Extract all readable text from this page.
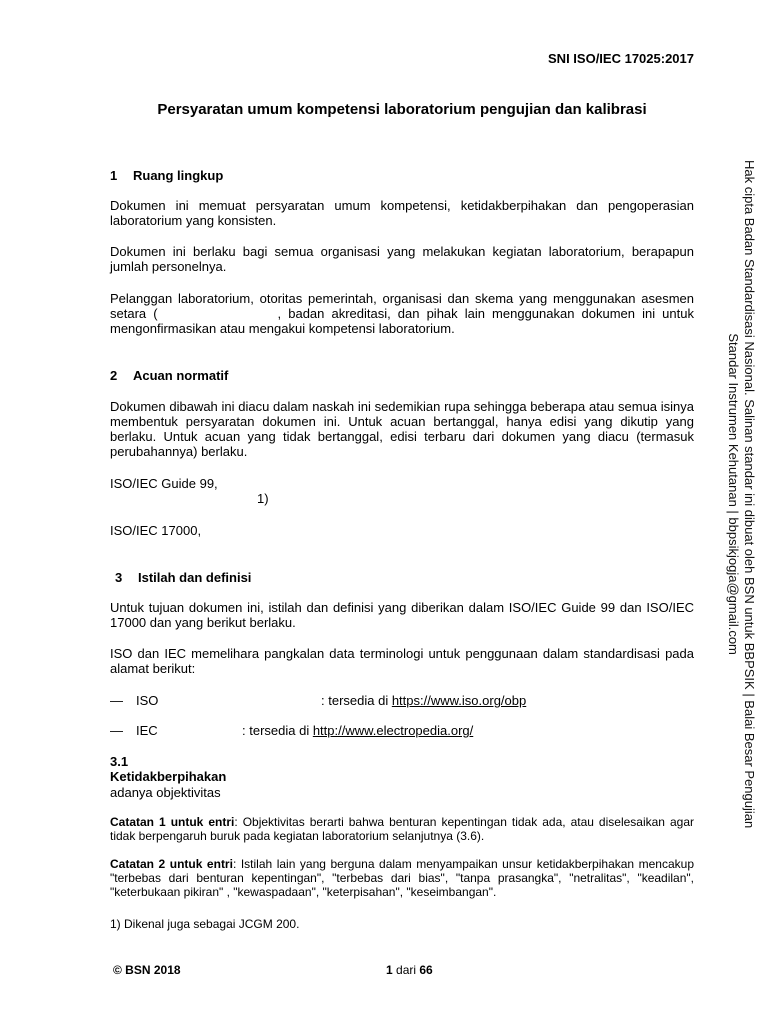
SNI ISO/IEC 17025:2017
Persyaratan umum kompetensi laboratorium pengujian dan kalibrasi
1 Ruang lingkup
Dokumen ini memuat persyaratan umum kompetensi, ketidakberpihakan dan pengoperasian laboratorium yang konsisten.
Dokumen ini berlaku bagi semua organisasi yang melakukan kegiatan laboratorium, berapapun jumlah personelnya.
Pelanggan laboratorium, otoritas pemerintah, organisasi dan skema yang menggunakan asesmen setara (	, badan akreditasi, dan pihak lain menggunakan dokumen ini untuk mengonfirmasikan atau mengakui kompetensi laboratorium.
2 Acuan normatif
Dokumen dibawah ini diacu dalam naskah ini sedemikian rupa sehingga beberapa atau semua isinya membentuk persyaratan dokumen ini. Untuk acuan bertanggal, hanya edisi yang dikutip yang berlaku. Untuk acuan yang tidak bertanggal, edisi terbaru dari dokumen yang diacu (termasuk perubahannya) berlaku.
ISO/IEC Guide 99,
1)
ISO/IEC 17000,
3 Istilah dan definisi
Untuk tujuan dokumen ini, istilah dan definisi yang diberikan dalam ISO/IEC Guide 99 dan ISO/IEC 17000 dan yang berikut berlaku.
ISO dan IEC memelihara pangkalan data terminologi untuk penggunaan dalam standardisasi pada alamat berikut:
— ISO	: tersedia di https://www.iso.org/obp
— IEC	: tersedia di http://www.electropedia.org/
3.1
Ketidakberpihakan
adanya objektivitas
Catatan 1 untuk entri: Objektivitas berarti bahwa benturan kepentingan tidak ada, atau diselesaikan agar tidak berpengaruh buruk pada kegiatan laboratorium selanjutnya (3.6).
Catatan 2 untuk entri: Istilah lain yang berguna dalam menyampaikan unsur ketidakberpihakan mencakup "terbebas dari benturan kepentingan", "terbebas dari bias", "tanpa prasangka", "netralitas", "keadilan", "keterbukaan pikiran" , "kewaspadaan", "keterpisahan", "keseimbangan".
1) Dikenal juga sebagai JCGM 200.
© BSN 2018	1 dari 66
Hak cipta Badan Standardisasi Nasional. Salinan standar ini dibuat oleh BSN untuk BBPSIK | Balai Besar Pengujian
Standar Instrumen Kehutanan | bbpsikjogja@gmail.com
